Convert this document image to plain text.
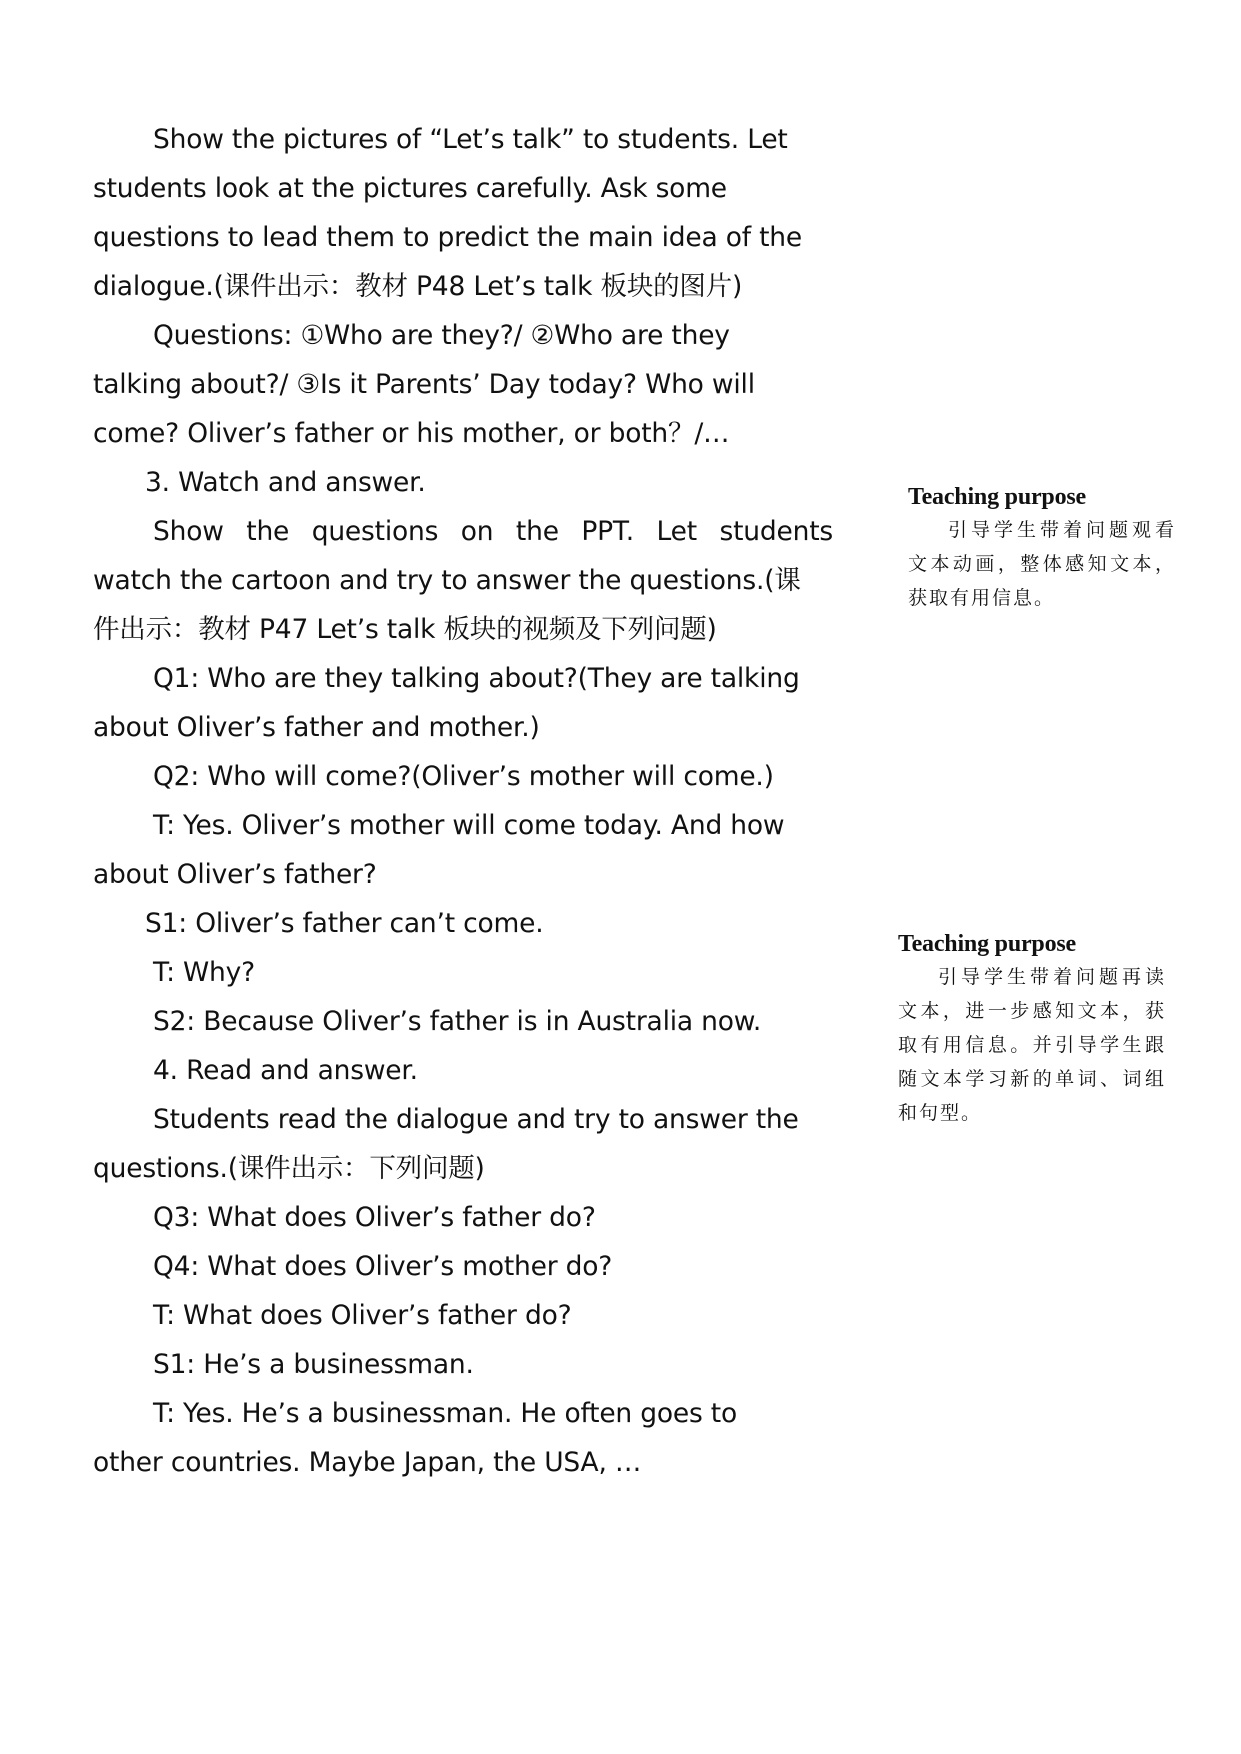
Show the pictures of “Let’s talk” to students. Let
students look at the pictures carefully. Ask some
questions to lead them to predict the main idea of the
dialogue.(课件出示：教材 P48 Let’s talk 板块的图片)
Questions: ①Who are they?/ ②Who are they
talking about?/ ③Is it Parents’ Day today? Who will
come? Oliver’s father or his mother, or both？/…
3. Watch and answer.
Show the questions on the PPT. Let students
watch the cartoon and try to answer the questions.(课
件出示：教材 P47 Let’s talk 板块的视频及下列问题)
Q1: Who are they talking about?(They are talking
about Oliver’s father and mother.)
Q2: Who will come?(Oliver’s mother will come.)
T: Yes. Oliver’s mother will come today. And how
about Oliver’s father?
S1: Oliver’s father can’t come.
T: Why?
S2: Because Oliver’s father is in Australia now.
4. Read and answer.
Students read the dialogue and try to answer the
questions.(课件出示：下列问题)
Q3: What does Oliver’s father do?
Q4: What does Oliver’s mother do?
T: What does Oliver’s father do?
S1: He’s a businessman.
T: Yes. He’s a businessman. He often goes to
other countries. Maybe Japan, the USA, …
Teaching purpose
引导学生带着问题观看文本动画，整体感知文本，获取有用信息。
Teaching purpose
引导学生带着问题再读文本，进一步感知文本，获取有用信息。并引导学生跟随文本学习新的单词、词组和句型。
